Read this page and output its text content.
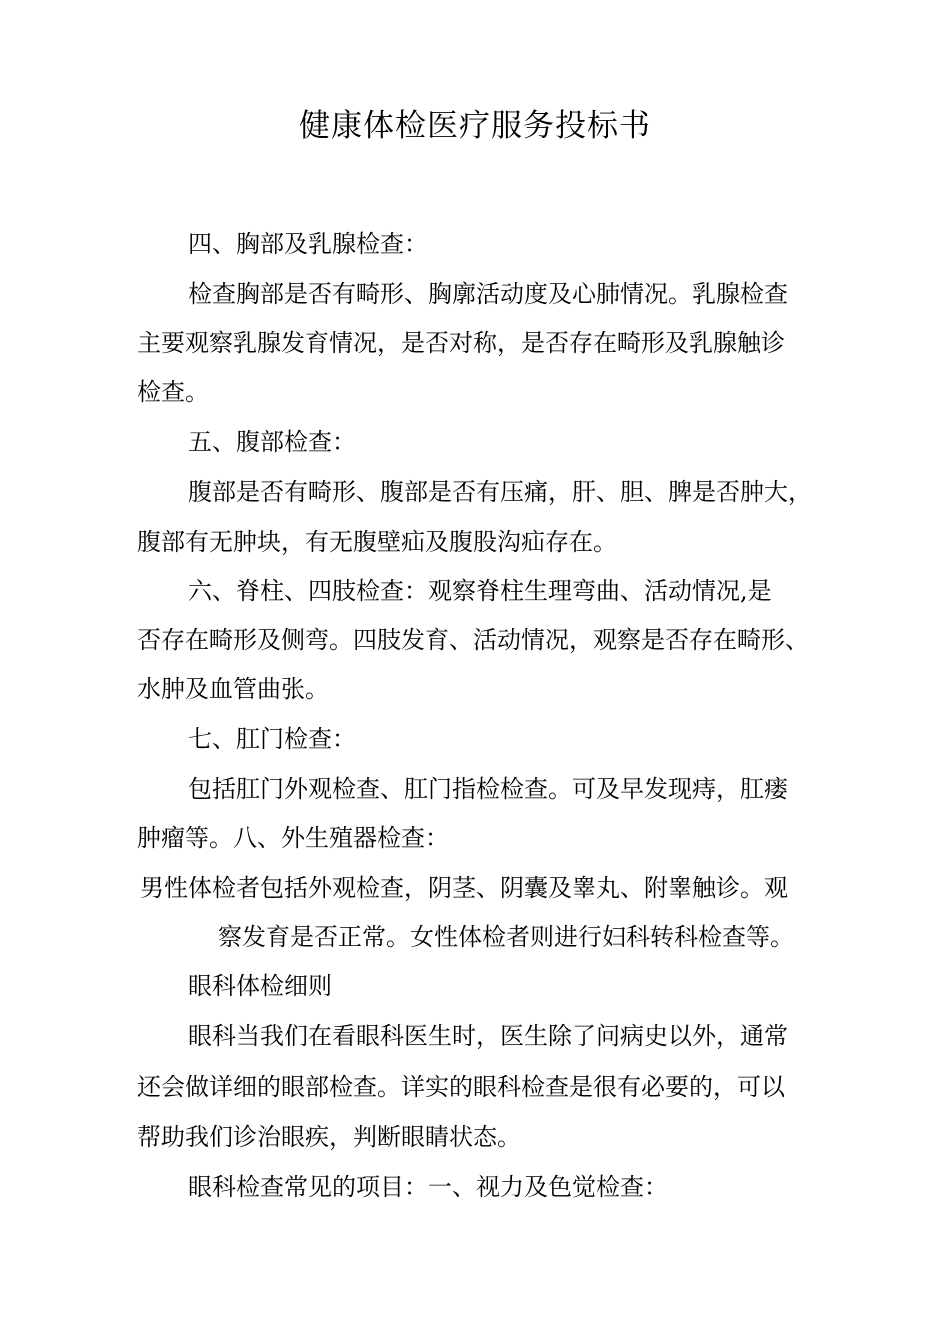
健康体检医疗服务投标书
四、胸部及乳腺检查：
检查胸部是否有畸形、胸廓活动度及心肺情况。乳腺检查
主要观察乳腺发育情况，是否对称，是否存在畸形及乳腺触诊
检查。
五、腹部检查：
腹部是否有畸形、腹部是否有压痛，肝、胆、脾是否肿大，
腹部有无肿块，有无腹壁疝及腹股沟疝存在。
六、脊柱、四肢检查：观察脊柱生理弯曲、活动情况,是
否存在畸形及侧弯。四肢发育、活动情况，观察是否存在畸形、
水肿及血管曲张。
七、肛门检查：
包括肛门外观检查、肛门指检检查。可及早发现痔，肛瘘
肿瘤等。八、外生殖器检查：
男性体检者包括外观检查，阴茎、阴囊及睾丸、附睾触诊。观
察发育是否正常。女性体检者则进行妇科转科检查等。
眼科体检细则
眼科当我们在看眼科医生时，医生除了问病史以外，通常
还会做详细的眼部检查。详实的眼科检查是很有必要的，可以
帮助我们诊治眼疾，判断眼睛状态。
眼科检查常见的项目：一、视力及色觉检查：
